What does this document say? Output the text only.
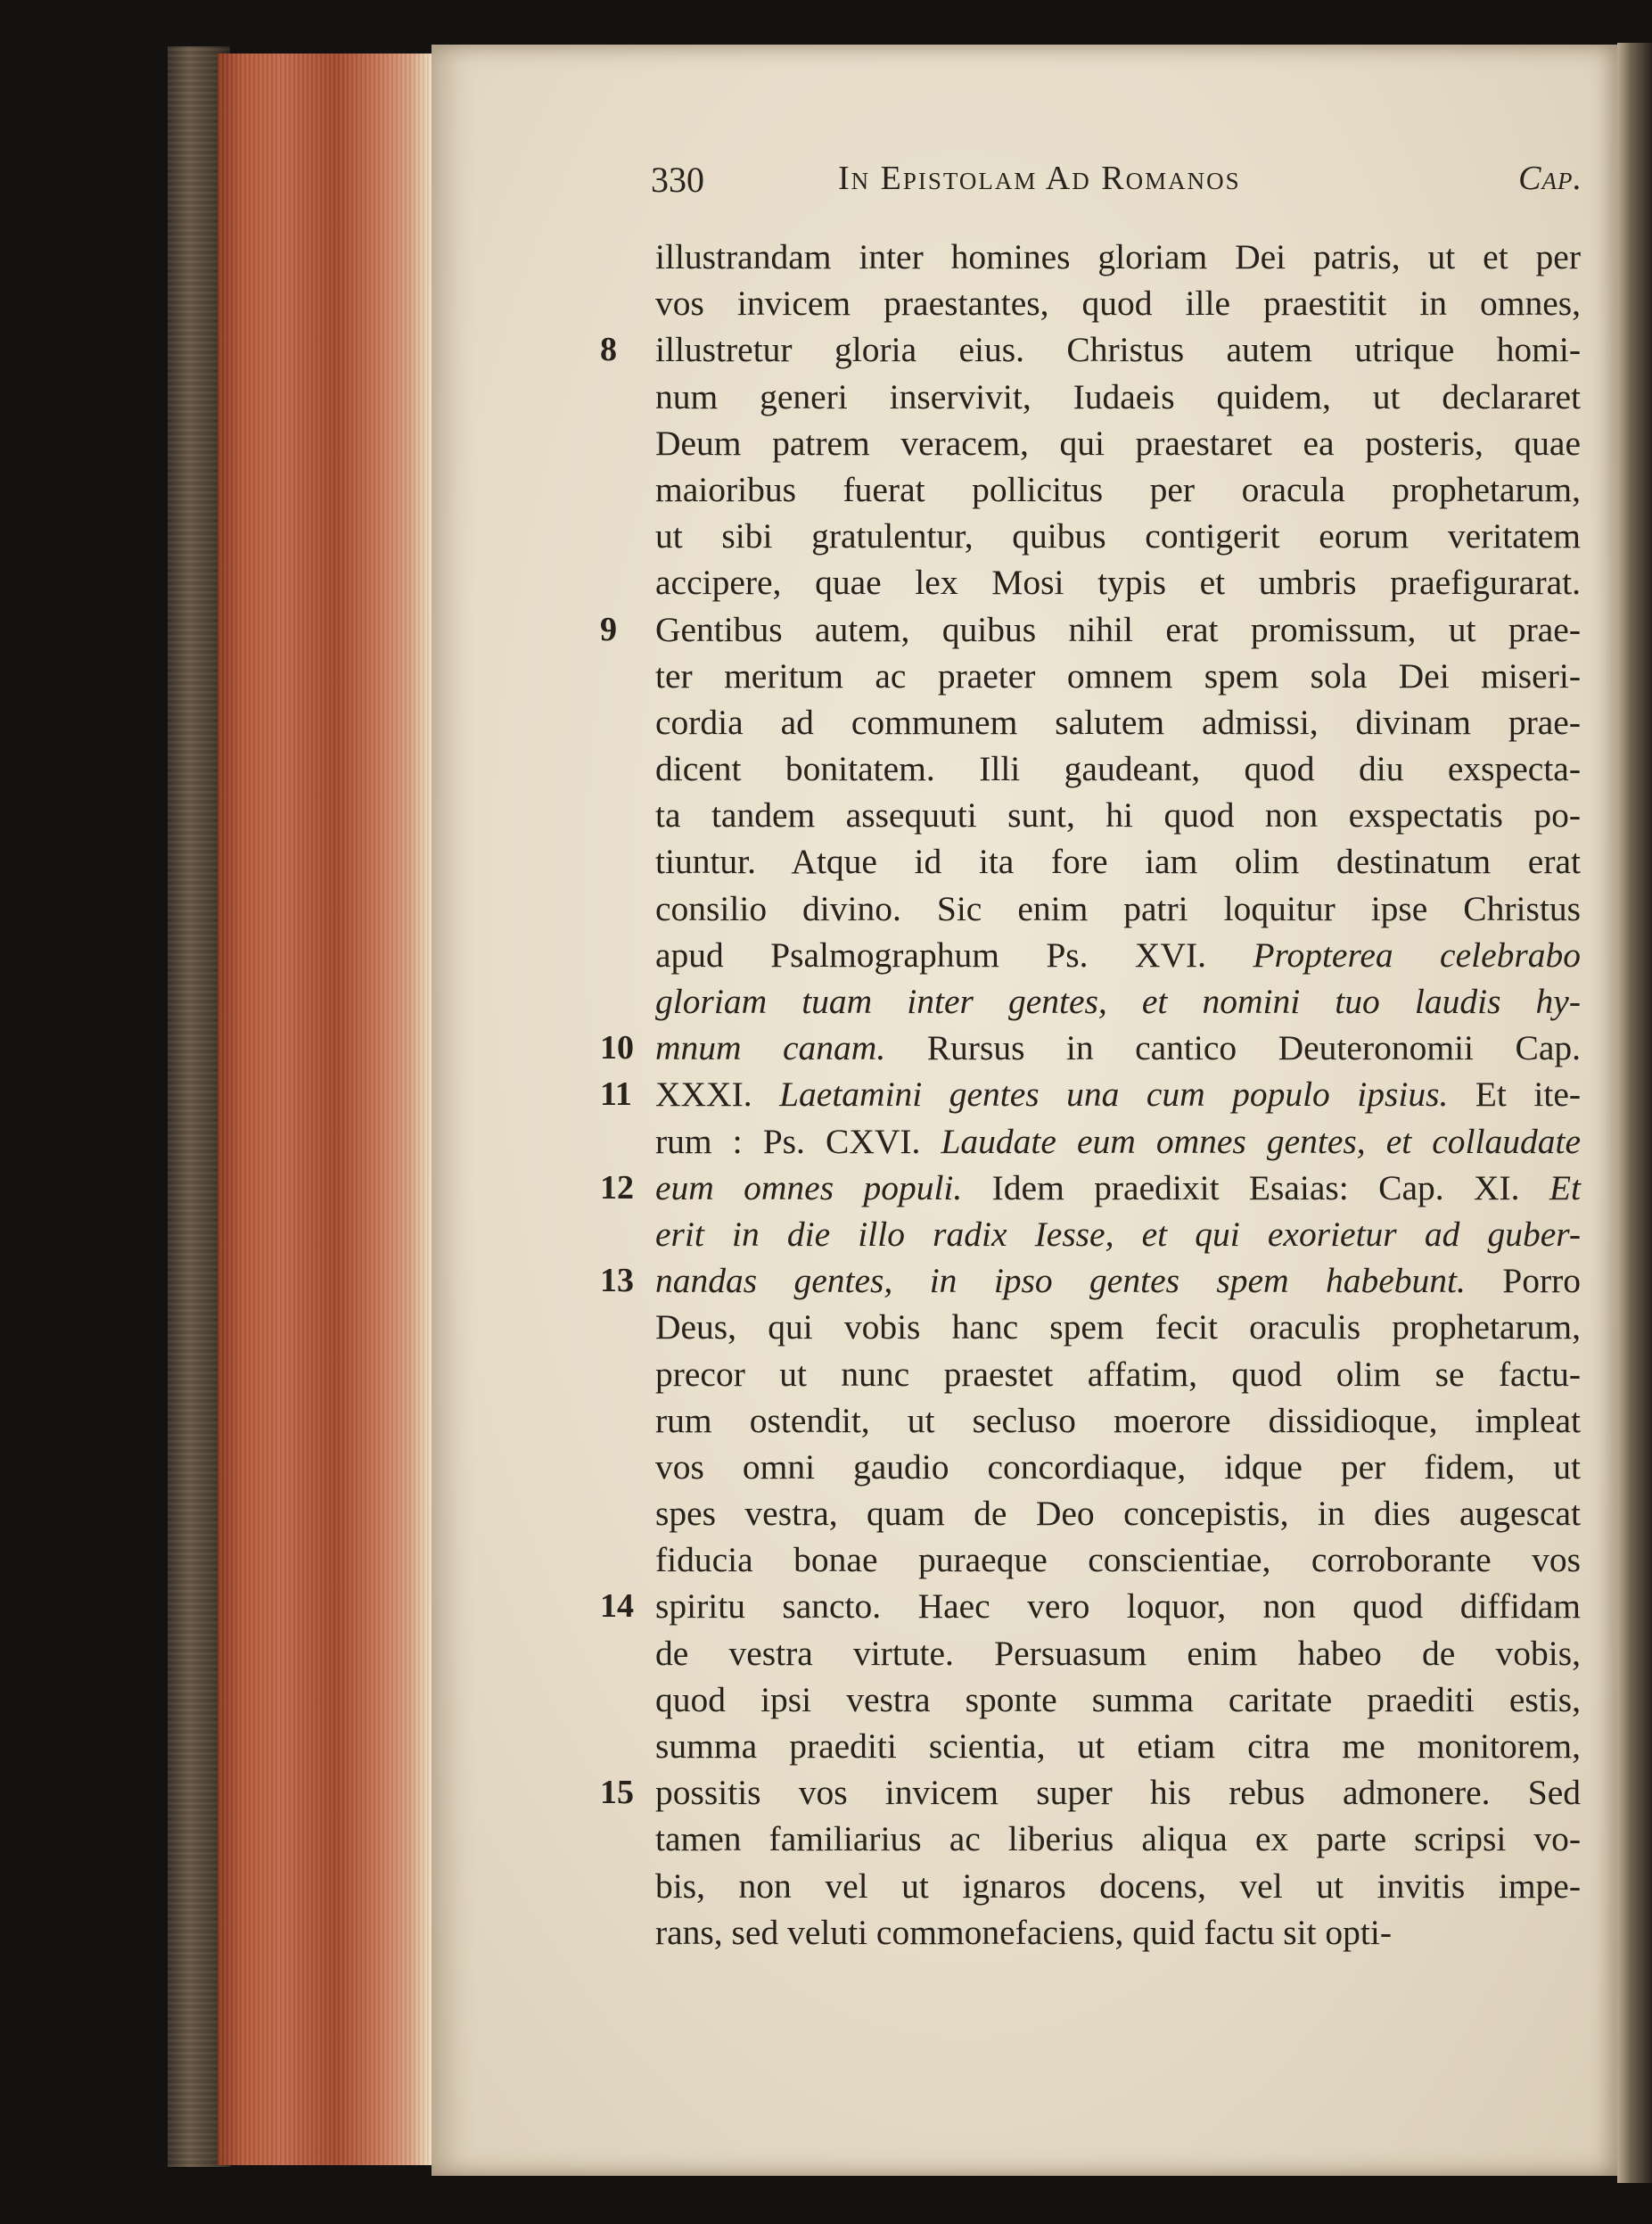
330	In Epistolam Ad Romanos	Cap.
illustrandam inter homines gloriam Dei patris, ut et per
vos invicem praestantes, quod ille praestitit in omnes,
8	illustretur gloria eius. Christus autem utrique homi-
num generi inservivit, Iudaeis quidem, ut declararet
Deum patrem veracem, qui praestaret ea posteris, quae
maioribus fuerat pollicitus per oracula prophetarum,
ut sibi gratulentur, quibus contigerit eorum veritatem
accipere, quae lex Mosi typis et umbris praefigurarat.
9	Gentibus autem, quibus nihil erat promissum, ut prae-
ter meritum ac praeter omnem spem sola Dei miseri-
cordia ad communem salutem admissi, divinam prae-
dicent bonitatem. Illi gaudeant, quod diu exspecta-
ta tandem assequuti sunt, hi quod non exspectatis po-
tiuntur. Atque id ita fore iam olim destinatum erat
consilio divino. Sic enim patri loquitur ipse Christus
apud Psalmographum Ps. XVI. Propterea celebrabo
gloriam tuam inter gentes, et nomini tuo laudis hy-
10 mnum canam. Rursus in cantico Deuteronomii Cap.
11 XXXI. Laetamini gentes una cum populo ipsius. Et ite-
rum : Ps. CXVI. Laudate eum omnes gentes, et collaudate
12 eum omnes populi. Idem praedixit Esaias: Cap. XI. Et
erit in die illo radix Iesse, et qui exorietur ad guber-
13 nandas gentes, in ipso gentes spem habebunt. Porro
Deus, qui vobis hanc spem fecit oraculis prophetarum,
precor ut nunc praestet affatim, quod olim se factu-
rum ostendit, ut secluso moerore dissidioque, impleat
vos omni gaudio concordiaque, idque per fidem, ut
spes vestra, quam de Deo concepistis, in dies augescat
fiducia bonae puraeque conscientiae, corroborante vos
14 spiritu sancto. Haec vero loquor, non quod diffidam
de vestra virtute. Persuasum enim habeo de vobis,
quod ipsi vestra sponte summa caritate praediti estis,
summa praediti scientia, ut etiam citra me monitorem,
15 possitis vos invicem super his rebus admonere. Sed
tamen familiarius ac liberius aliqua ex parte scripsi vo-
bis, non vel ut ignaros docens, vel ut invitis impe-
rans, sed veluti commonefaciens, quid factu sit opti-
